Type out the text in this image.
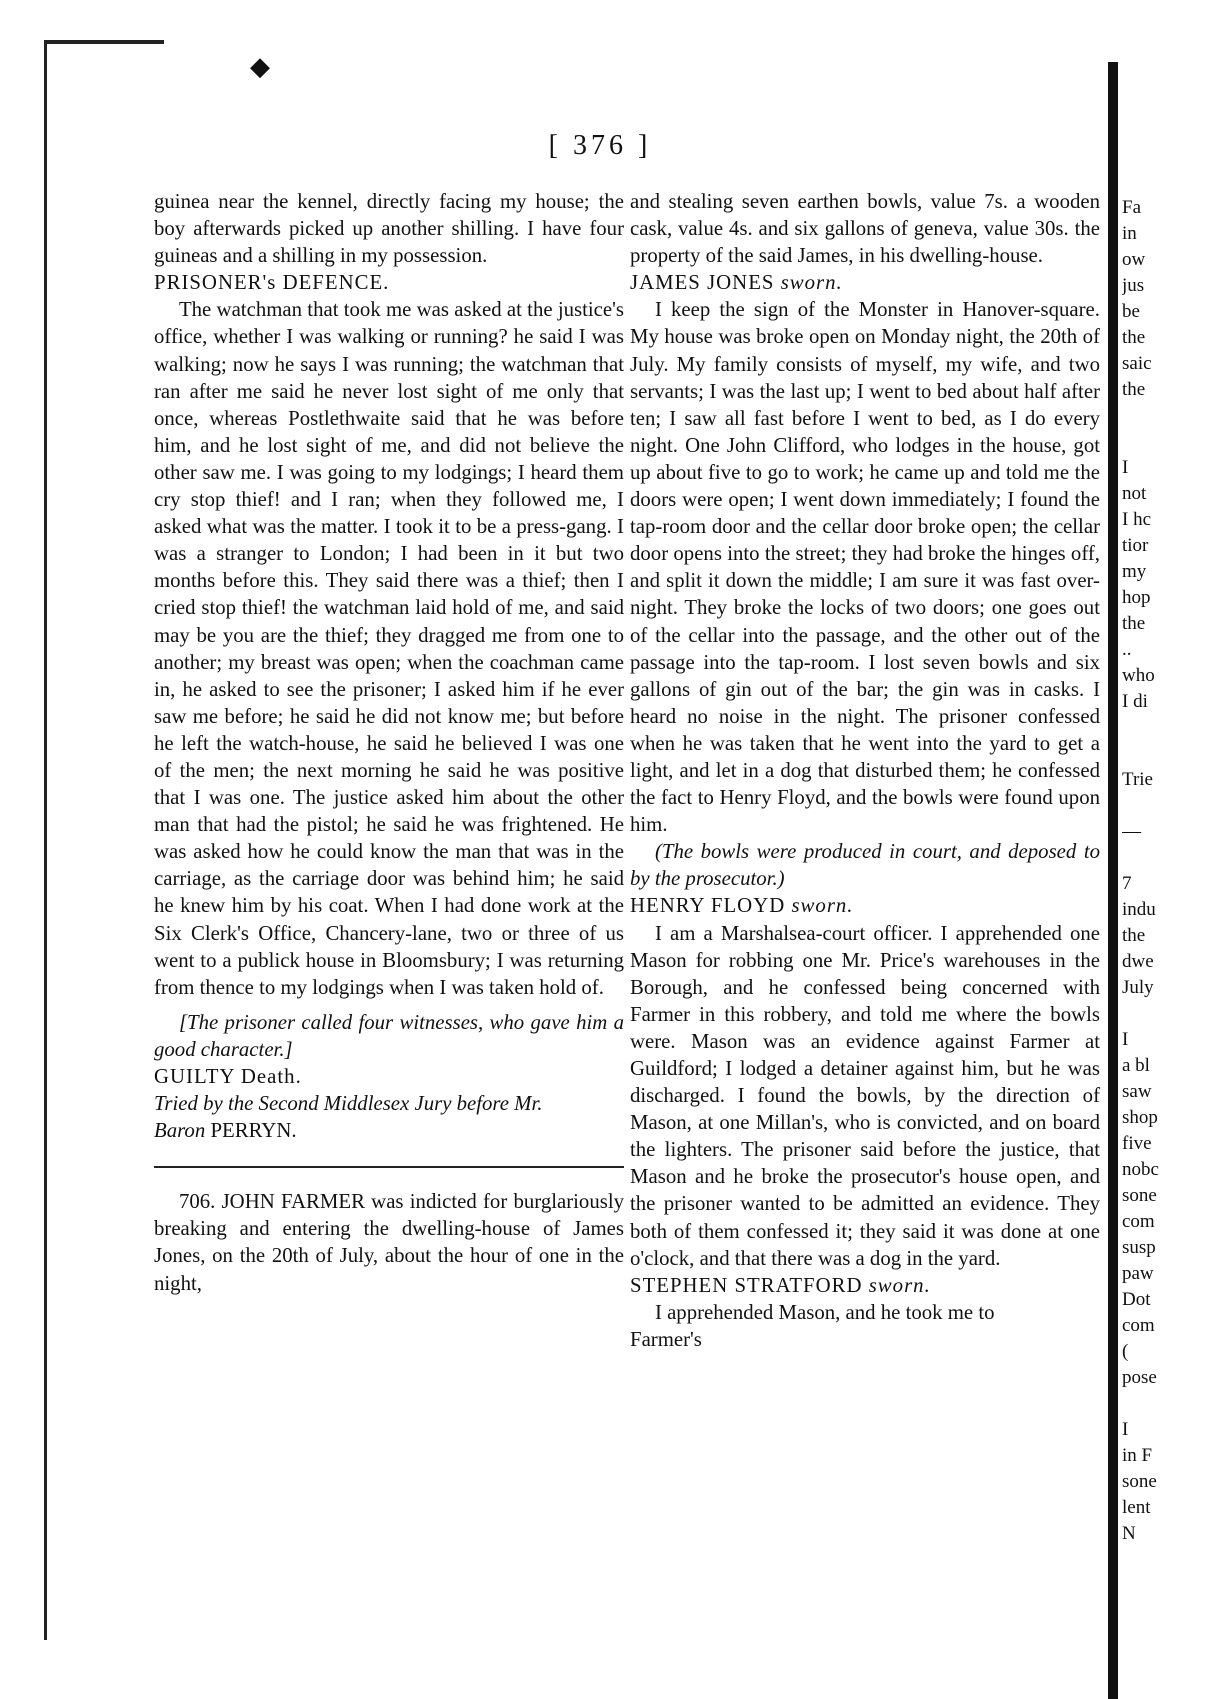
◆
[ 376 ]

guinea near the kennel, directly facing my house; the boy afterwards picked up another shilling. I have four guineas and a shilling in my possession.

PRISONER's DEFENCE.

The watchman that took me was asked at the justice's office, whether I was walking or running? he said I was walking; now he says I was running; the watchman that ran after me said he never lost sight of me only that once, whereas Postlethwaite said that he was before him, and he lost sight of me, and did not believe the other saw me. I was going to my lodgings; I heard them cry stop thief! and I ran; when they followed me, I asked what was the matter. I took it to be a press-gang. I was a stranger to London; I had been in it but two months before this. They said there was a thief; then I cried stop thief! the watchman laid hold of me, and said may be you are the thief; they dragged me from one to another; my breast was open; when the coachman came in, he asked to see the prisoner; I asked him if he ever saw me before; he said he did not know me; but before he left the watch-house, he said he believed I was one of the men; the next morning he said he was positive that I was one. The justice asked him about the other man that had the pistol; he said he was frightened. He was asked how he could know the man that was in the carriage, as the carriage door was behind him; he said he knew him by his coat. When I had done work at the Six Clerk's Office, Chancery-lane, two or three of us went to a publick house in Bloomsbury; I was returning from thence to my lodgings when I was taken hold of.

[The prisoner called four witnesses, who gave him a good character.]

GUILTY Death.

Tried by the Second Middlesex Jury before Mr.
Baron PERRYN.

706. JOHN FARMER was indicted for burglariously breaking and entering the dwelling-house of James Jones, on the 20th of July, about the hour of one in the night,

and stealing seven earthen bowls, value 7s. a wooden cask, value 4s. and six gallons of geneva, value 30s. the property of the said James, in his dwelling-house.

JAMES JONES sworn.

I keep the sign of the Monster in Hanover-square. My house was broke open on Monday night, the 20th of July. My family consists of myself, my wife, and two servants; I was the last up; I went to bed about half after ten; I saw all fast before I went to bed, as I do every night. One John Clifford, who lodges in the house, got up about five to go to work; he came up and told me the doors were open; I went down immediately; I found the tap-room door and the cellar door broke open; the cellar door opens into the street; they had broke the hinges off, and split it down the middle; I am sure it was fast over-night. They broke the locks of two doors; one goes out of the cellar into the passage, and the other out of the passage into the tap-room. I lost seven bowls and six gallons of gin out of the bar; the gin was in casks. I heard no noise in the night. The prisoner confessed when he was taken that he went into the yard to get a light, and let in a dog that disturbed them; he confessed the fact to Henry Floyd, and the bowls were found upon him.

(The bowls were produced in court, and deposed to by the prosecutor.)

HENRY FLOYD sworn.

I am a Marshalsea-court officer. I apprehended one Mason for robbing one Mr. Price's warehouses in the Borough, and he confessed being concerned with Farmer in this robbery, and told me where the bowls were. Mason was an evidence against Farmer at Guildford; I lodged a detainer against him, but he was discharged. I found the bowls, by the direction of Mason, at one Millan's, who is convicted, and on board the lighters. The prisoner said before the justice, that Mason and he broke the prosecutor's house open, and the prisoner wanted to be admitted an evidence. They both of them confessed it; they said it was done at one o'clock, and that there was a dog in the yard.

STEPHEN STRATFORD sworn.

I apprehended Mason, and he took me to

Farmer's

Fa
in
ow
jus
be
the
saic
the
I
not
I hc
tior
my
hop
the
..
who
I di
Trie
—
7
indu
the
dwe
July
I
a bl
saw
shop
five
nobc
sone
com
susp
paw
Dot
com
(
pose
I
in F
sone
lent
N
